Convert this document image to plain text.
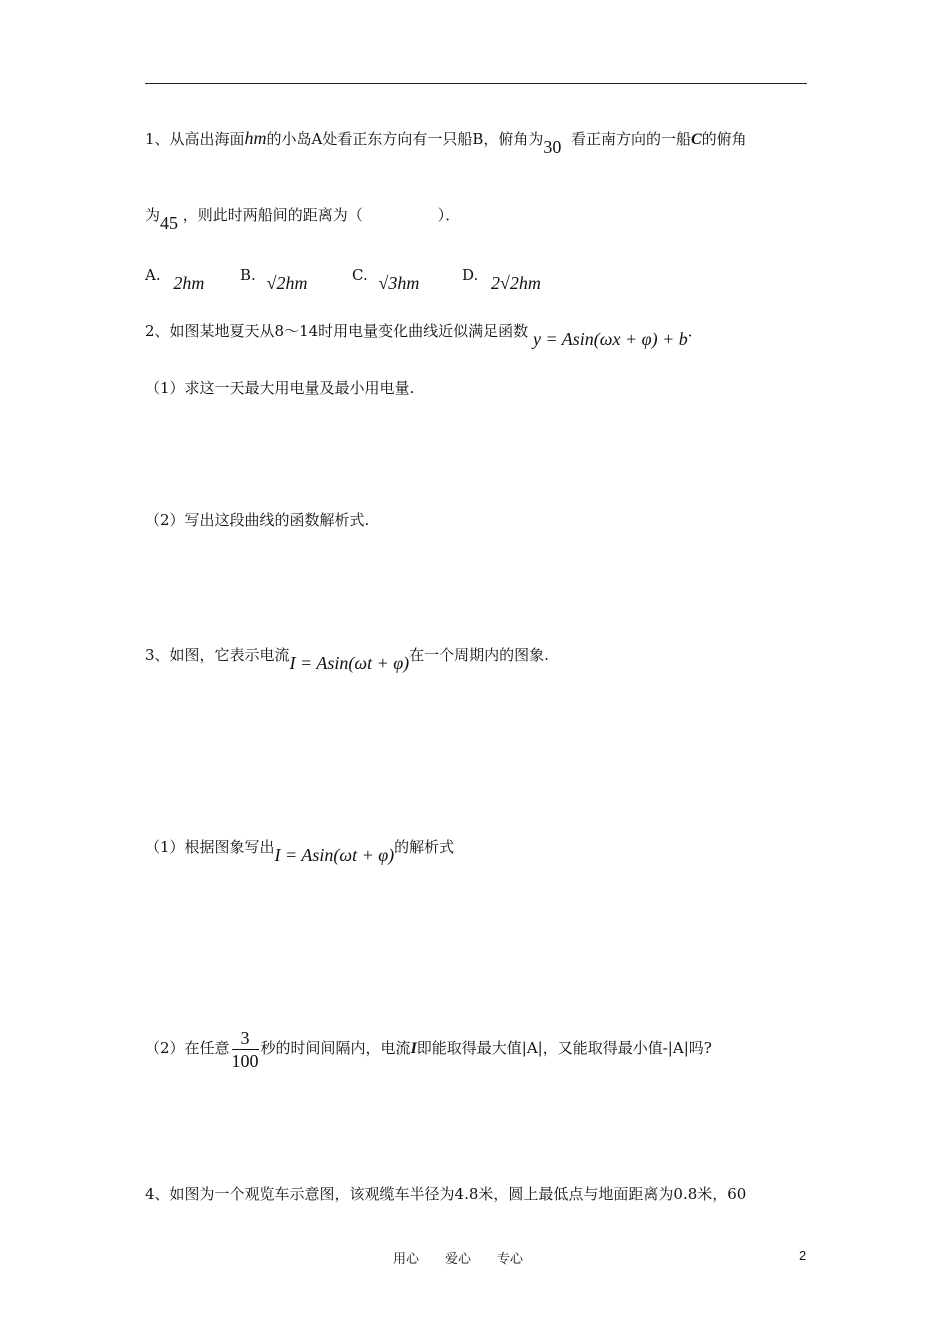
1、从高出海面hm的小岛A处看正东方向有一只船B，俯角为30 看正南方向的一船C的俯角
为45 ，则此时两船间的距离为（　　　　　）．
A. 2hm B. √2hm	C. √3hm	D. 2√2hm
2、如图某地夏天从8～14时用电量变化曲线近似满足函数 y = Asin(ωx + φ) + b．
（1）求这一天最大用电量及最小用电量.
（2）写出这段曲线的函数解析式.
3、如图，它表示电流I = Asin(ωt + φ)在一个周期内的图象.
（1）根据图象写出I = Asin(ωt + φ)的解析式
（2）在任意 $\frac{3}{100}$ 秒的时间间隔内，电流I即能取得最大值|A|，又能取得最小值-|A|吗?
4、如图为一个观览车示意图，该观缆车半径为4.8米，圆上最低点与地面距离为0.8米，60
用心　　爱心　　专心	2
